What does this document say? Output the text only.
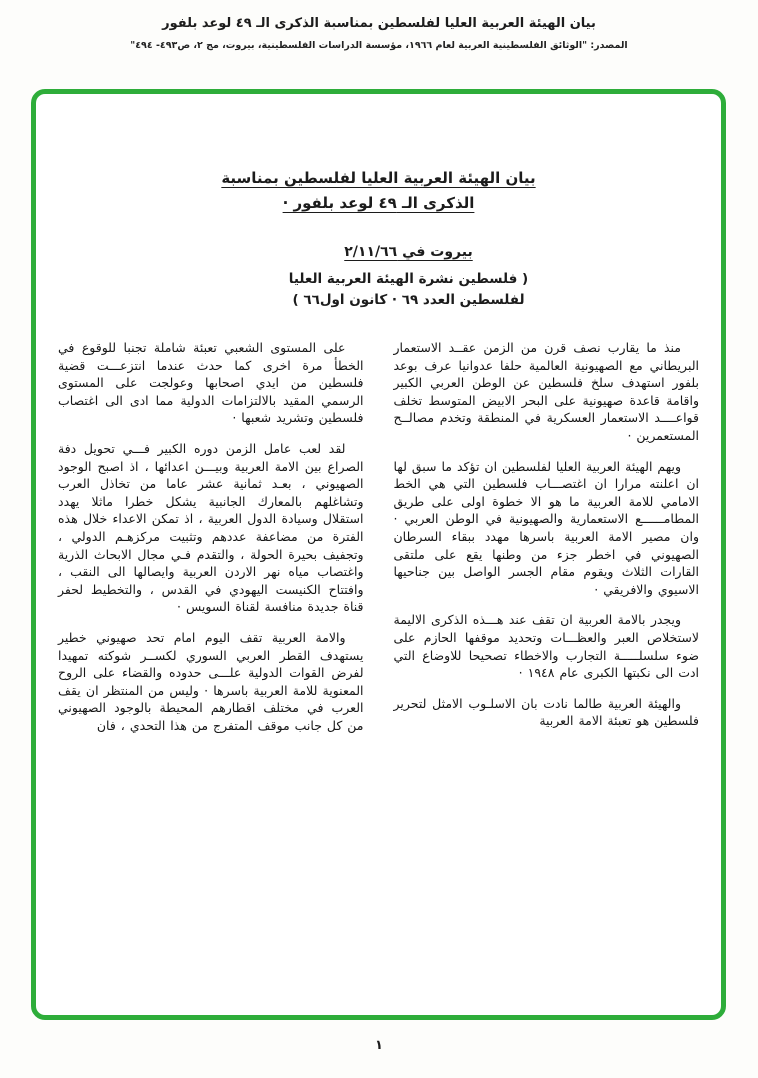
بيان الهيئة العربية العليا لفلسطين بمناسبة الذكرى الـ ٤٩ لوعد بلفور
المصدر: "الوثائق الفلسطينية العربية لعام ١٩٦٦، مؤسسة الدراسات الفلسطينية، بيروت، مج ٢، ص٤٩٣- ٤٩٤"
بيان الهيئة العربية العليا لفلسطين بمناسبة
الذكرى الـ ٤٩ لوعد بلفور ·
بيروت في ٢/١١/٦٦
( فلسطين نشرة الهيئة العربية العليا
لفلسطين العدد ٦٩ · كانون اول٦٦ )

منذ ما يقارب نصف قرن من الزمن عقــد الاستعمار البريطاني مع الصهيونية العالمية حلفا عدوانيا عرف بوعد بلفور استهدف سلخ فلسطين عن الوطن العربي الكبير واقامة قاعدة صهيونية على البحر الابيض المتوسط تخلف قواعــــد الاستعمار العسكرية في المنطقة وتخدم مصالــح المستعمرين ·

ويهم الهيئة العربية العليا لفلسطين ان تؤكد ما سبق لها ان اعلنته مرارا ان اغتصـــاب فلسطين التي هي الخط الامامي للامة العربية ما هو الا خطوة اولى على طريق المطامــــــع الاستعمارية والصهيونية في الوطن العربي · وان مصير الامة العربية باسرها مهدد ببقاء السرطان الصهيوني في اخطر جزء من وطنها يقع على ملتقى القارات الثلاث ويقوم مقام الجسر الواصل بين جناحيها الاسيوي والافريقي ·

ويجدر بالامة العربية ان تقف عند هـــذه الذكرى الاليمة لاستخلاص العبر والعظـــات وتحديد موقفها الحازم على ضوء سلسلـــــة التجارب والاخطاء تصحيحا للاوضاع التي ادت الى نكبتها الكبرى عام ١٩٤٨ ·

والهيئة العربية طالما نادت بان الاسلـوب الامثل لتحرير فلسطين هو تعبئة الامة العربية

على المستوى الشعبي تعبئة شاملة تجنبا للوقوع في الخطأ مرة اخرى كما حدث عندما انتزعـــت قضية فلسطين من ايدي اصحابها وعولجت على المستوى الرسمي المقيد بالالتزامات الدولية مما ادى الى اغتصاب فلسطين وتشريد شعبها ·

لقد لعب عامل الزمن دوره الكبير فـــي تحويل دفة الصراع بين الامة العربية وبيـــن اعدائها ، اذ اصبح الوجود الصهيوني ، بعـد ثمانية عشر عاما من تخاذل العرب وتشاغلهم بالمعارك الجانبية يشكل خطرا ماثلا يهدد استقلال وسيادة الدول العربية ، اذ تمكن الاعداء خلال هذه الفترة من مضاعفة عددهم وتثبيت مركزهـم الدولي ، وتجفيف بحيرة الحولة ، والتقدم فـي مجال الابحاث الذرية واغتصاب مياه نهر الاردن العربية وايصالها الى النقب ، وافتتاح الكنيست اليهودي في القدس ، والتخطيط لحفر قناة جديدة منافسة لقناة السويس ·

والامة العربية تقف اليوم امام تحد صهيوني خطير يستهدف القطر العربي السوري لكســر شوكته تمهيدا لفرض القوات الدولية علـــى حدوده والقضاء على الروح المعنوية للامة العربية باسرها · وليس من المنتظر ان يقف العرب في مختلف اقطارهم المحيطة بالوجود الصهيوني من كل جانب موقف المتفرج من هذا التحدي ، فان

١
